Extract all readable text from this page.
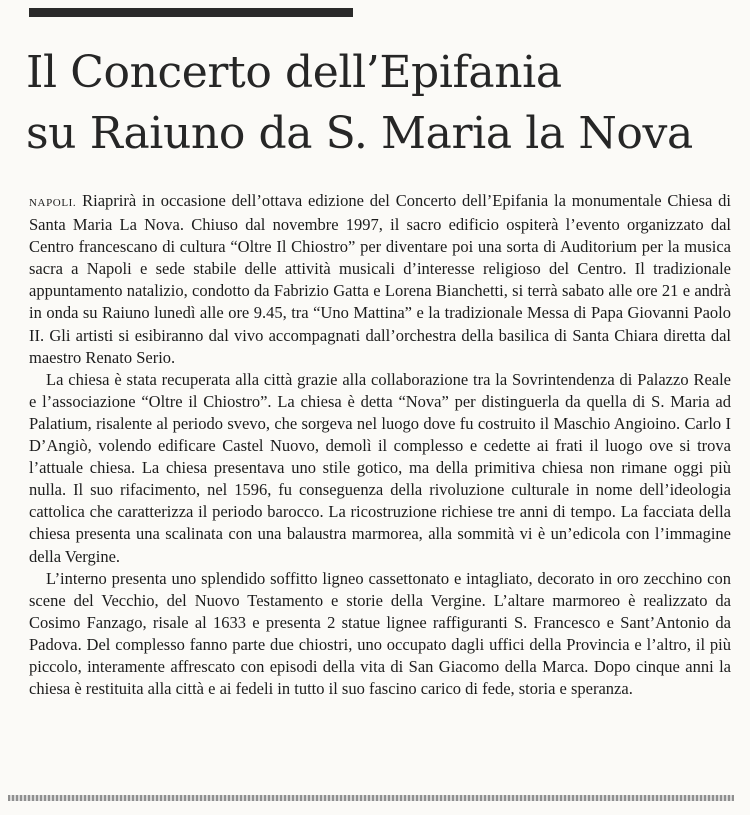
Il Concerto dell’Epifania
su Raiuno da S. Maria la Nova

NAPOLI. Riaprirà in occasione dell’ottava edizione del Concerto dell’Epifania la monumentale Chiesa di Santa Maria La Nova. Chiuso dal novembre 1997, il sacro edificio ospiterà l’evento organizzato dal Centro francescano di cultura “Oltre Il Chiostro” per diventare poi una sorta di Auditorium per la musica sacra a Napoli e sede stabile delle attività musicali d’interesse religioso del Centro. Il tradizionale appuntamento natalizio, condotto da Fabrizio Gatta e Lorena Bianchetti, si terrà sabato alle ore 21 e andrà in onda su Raiuno lunedì alle ore 9.45, tra “Uno Mattina” e la tradizionale Messa di Papa Giovanni Paolo II. Gli artisti si esibiranno dal vivo accompagnati dall’orchestra della basilica di Santa Chiara diretta dal maestro Renato Serio.

La chiesa è stata recuperata alla città grazie alla collaborazione tra la Sovrintendenza di Palazzo Reale e l’associazione “Oltre il Chiostro”. La chiesa è detta “Nova” per distinguerla da quella di S. Maria ad Palatium, risalente al periodo svevo, che sorgeva nel luogo dove fu costruito il Maschio Angioino. Carlo I D’Angiò, volendo edificare Castel Nuovo, demolì il complesso e cedette ai frati il luogo ove si trova l’attuale chiesa. La chiesa presentava uno stile gotico, ma della primitiva chiesa non rimane oggi più nulla. Il suo rifacimento, nel 1596, fu conseguenza della rivoluzione culturale in nome dell’ideologia cattolica che caratterizza il periodo barocco. La ricostruzione richiese tre anni di tempo. La facciata della chiesa presenta una scalinata con una balaustra marmorea, alla sommità vi è un’edicola con l’immagine della Vergine.

L’interno presenta uno splendido soffitto ligneo cassettonato e intagliato, decorato in oro zecchino con scene del Vecchio, del Nuovo Testamento e storie della Vergine. L’altare marmoreo è realizzato da Cosimo Fanzago, risale al 1633 e presenta 2 statue lignee raffiguranti S. Francesco e Sant’Antonio da Padova. Del complesso fanno parte due chiostri, uno occupato dagli uffici della Provincia e l’altro, il più piccolo, interamente affrescato con episodi della vita di San Giacomo della Marca. Dopo cinque anni la chiesa è restituita alla città e ai fedeli in tutto il suo fascino carico di fede, storia e speranza.
